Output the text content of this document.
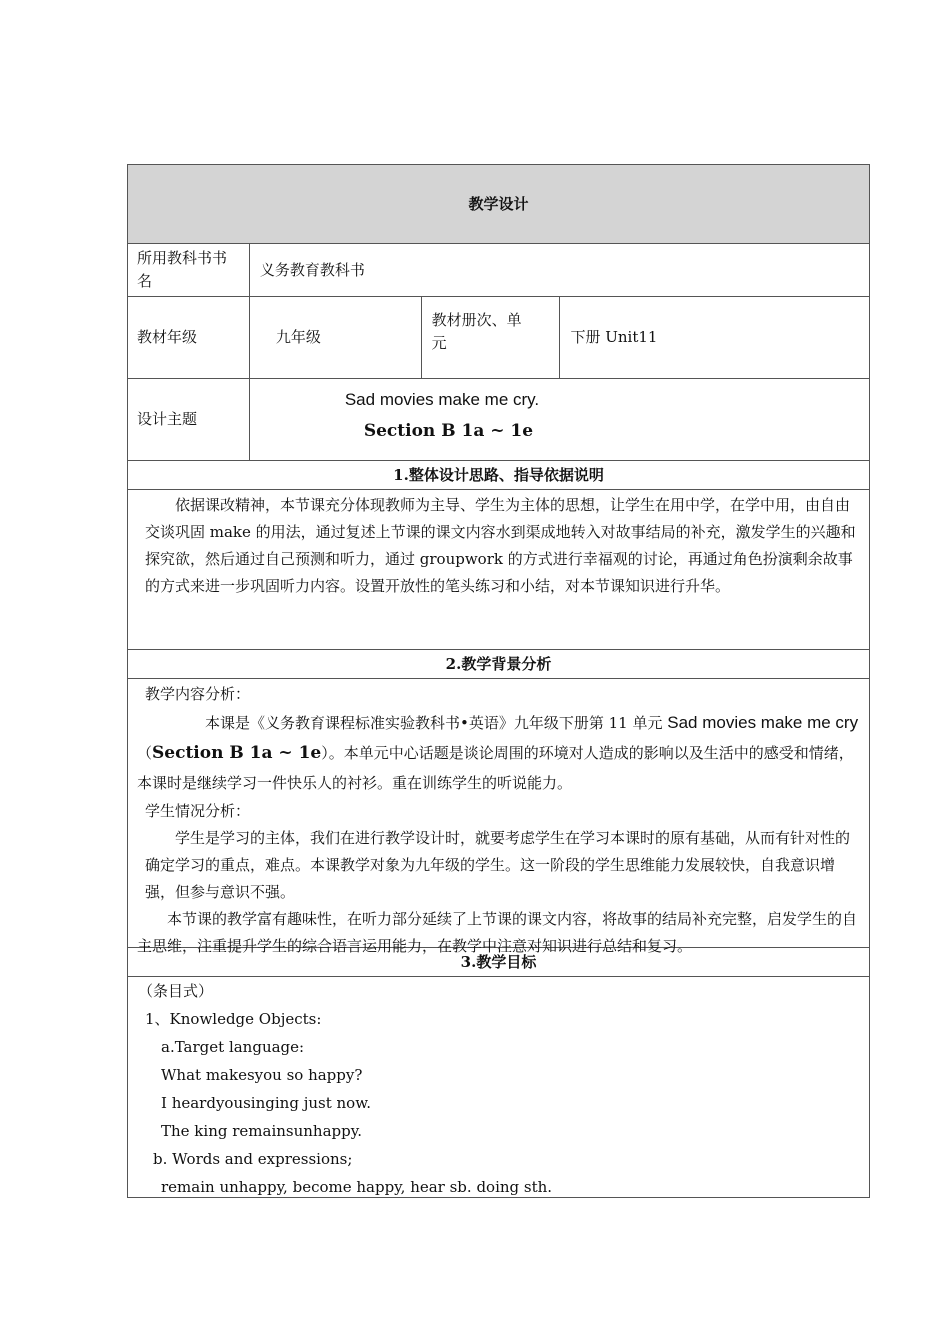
教学设计
所用教科书书名
义务教育教科书
教材年级	九年级
教材册次、单元	下册 Unit11
设计主题
Sad movies make me cry.
Section B 1a ~ 1e
1.整体设计思路、指导依据说明

依据课改精神，本节课充分体现教师为主导、学生为主体的思想，让学生在用中学，在学中用，由自由交谈巩固 make 的用法，通过复述上节课的课文内容水到渠成地转入对故事结局的补充，激发学生的兴趣和探究欲，然后通过自己预测和听力，通过 groupwork 的方式进行幸福观的讨论，再通过角色扮演剩余故事的方式来进一步巩固听力内容。设置开放性的笔头练习和小结，对本节课知识进行升华。

2.教学背景分析

教学内容分析：

本课是《义务教育课程标准实验教科书•英语》九年级下册第 11 单元 Sad movies make me cry（Section B 1a ~ 1e）。本单元中心话题是谈论周围的环境对人造成的影响以及生活中的感受和情绪，本课时是继续学习一件快乐人的衬衫。重在训练学生的听说能力。

学生情况分析：

学生是学习的主体，我们在进行教学设计时，就要考虑学生在学习本课时的原有基础，从而有针对性的确定学习的重点，难点。本课教学对象为九年级的学生。这一阶段的学生思维能力发展较快，自我意识增强，但参与意识不强。

本节课的教学富有趣味性，在听力部分延续了上节课的课文内容，将故事的结局补充完整，启发学生的自主思维，注重提升学生的综合语言运用能力，在教学中注意对知识进行总结和复习。

3.教学目标
（条目式）
1、Knowledge Objects:
a.Target language:
What makesyou so happy?
I heardyousinging just now.
The king remainsunhappy.
b. Words and expressions;
remain unhappy, become happy, hear sb. doing sth.
